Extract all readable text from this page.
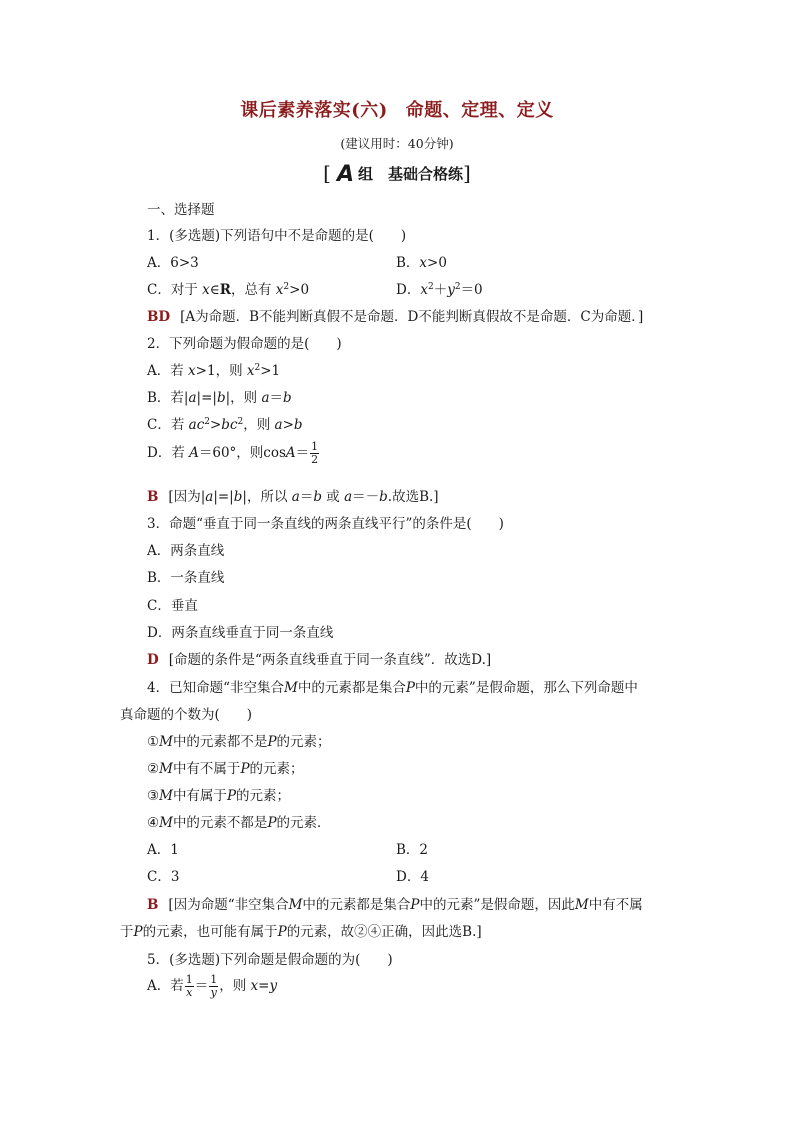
课后素养落实(六) 命题、定理、定义
(建议用时：40分钟)
[ A 组　基础合格练]
一、选择题
1．(多选题)下列语句中不是命题的是(　　)
A．6>3	B．x>0
C．对于 x∈R，总有 $x^2>0$	D．$x^2+y^2=0$
BD [A为命题．B不能判断真假不是命题．D不能判断真假故不是命题．C为命题．]
2．下列命题为假命题的是(　　)
A．若 x>1，则 $x^2>1$
B．若|a|=|b|，则 a＝b
C．若 $ac^2>bc^2$，则 a>b
D．若 A＝60°，则$\cos A= \frac{1}{2}$
B [因为|a|=|b|，所以 a＝b 或 a＝－b.故选B.]
3．命题“垂直于同一条直线的两条直线平行”的条件是(　　)
A．两条直线
B．一条直线
C．垂直
D．两条直线垂直于同一条直线
D [命题的条件是“两条直线垂直于同一条直线”．故选D.]
4．已知命题“非空集合M中的元素都是集合P中的元素”是假命题，那么下列命题中
真命题的个数为(　　)
①M中的元素都不是P的元素；
②M中有不属于P的元素；
③M中有属于P的元素；
④M中的元素不都是P的元素．
A．1	B．2
C．3	D．4
B [因为命题“非空集合M中的元素都是集合P中的元素”是假命题，因此M中有不属
于P的元素，也可能有属于P的元素，故②④正确，因此选B.]
5．(多选题)下列命题是假命题的为(　　)
A．若 $\frac{1}{x} = \frac{1}{y}$ ，则 x=y
